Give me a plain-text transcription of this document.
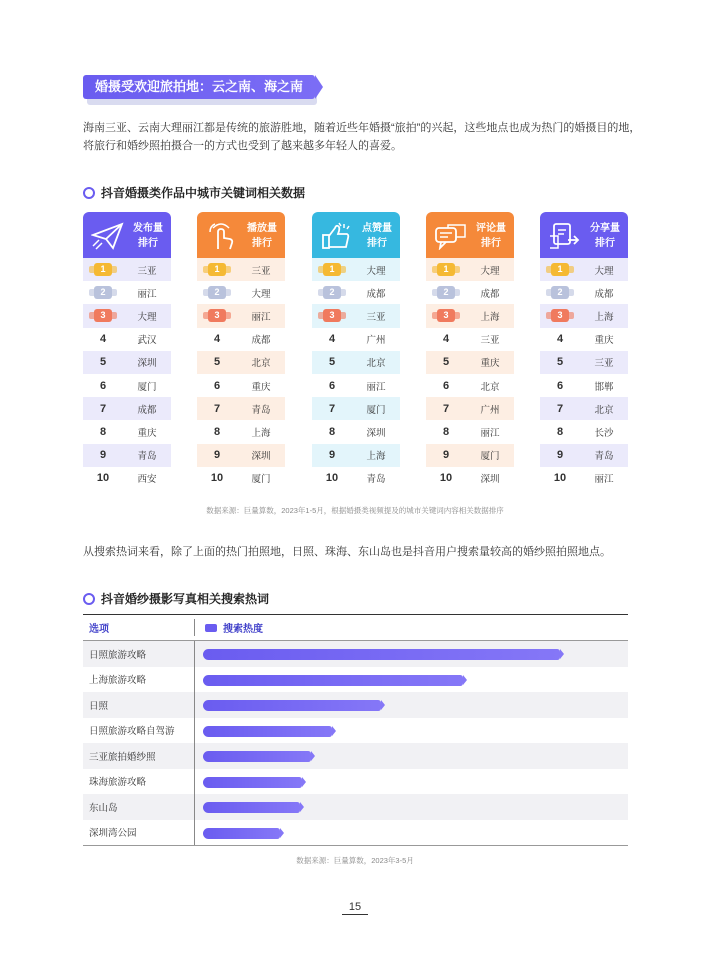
婚摄受欢迎旅拍地：云之南、海之南
海南三亚、云南大理丽江都是传统的旅游胜地，随着近些年婚摄“旅拍”的兴起，这些地点也成为热门的婚摄目的地，将旅行和婚纱照拍摄合一的方式也受到了越来越多年轻人的喜爱。
抖音婚摄类作品中城市关键词相关数据
发布量
排行
1	三亚
2	丽江
3	大理
4	武汉
5	深圳
6	厦门
7	成都
8	重庆
9	青岛
10	西安
播放量
排行
1	三亚
2	大理
3	丽江
4	成都
5	北京
6	重庆
7	青岛
8	上海
9	深圳
10	厦门
点赞量
排行
1	大理
2	成都
3	三亚
4	广州
5	北京
6	丽江
7	厦门
8	深圳
9	上海
10	青岛
评论量
排行
1	大理
2	成都
3	上海
4	三亚
5	重庆
6	北京
7	广州
8	丽江
9	厦门
10	深圳
分享量
排行
1	大理
2	成都
3	上海
4	重庆
5	三亚
6	邯郸
7	北京
8	长沙
9	青岛
10	丽江
数据来源：巨量算数，2023年1-5月，根据婚摄类视频提及的城市关键词内容相关数据排序
从搜索热词来看，除了上面的热门拍照地，日照、珠海、东山岛也是抖音用户搜索量较高的婚纱照拍照地点。
抖音婚纱摄影写真相关搜索热词
选项	搜索热度
日照旅游攻略
上海旅游攻略
日照
日照旅游攻略自驾游
三亚旅拍婚纱照
珠海旅游攻略
东山岛
深圳湾公园
数据来源：巨量算数，2023年3-5月
15
